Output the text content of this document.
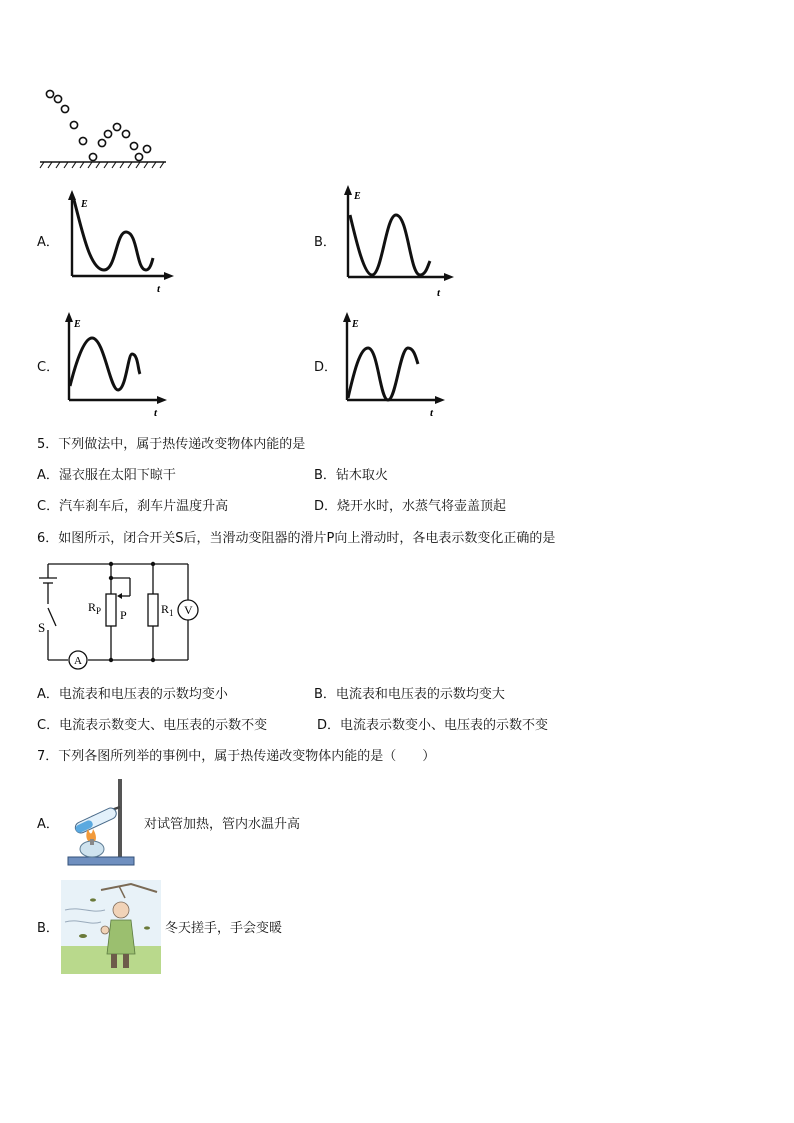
A．
E
t
B．
E
t
C．
E
t
D．
E
t
5．下列做法中，属于热传递改变物体内能的是
A．湿衣服在太阳下晾干	B．钻木取火
C．汽车刹车后，刹车片温度升高	D．烧开水时，水蒸气将壶盖顶起
6．如图所示，闭合开关S后，当滑动变阻器的滑片P向上滑动时，各电表示数变化正确的是
S
$R_P$ P	$R_1$ V
A
A．电流表和电压表的示数均变小	B．电流表和电压表的示数均变大
C．电流表示数变大、电压表的示数不变	D．电流表示数变小、电压表的示数不变
7．下列各图所列举的事例中，属于热传递改变物体内能的是（　　）
A．	对试管加热，管内水温升高
B．	冬天搓手，手会变暖
